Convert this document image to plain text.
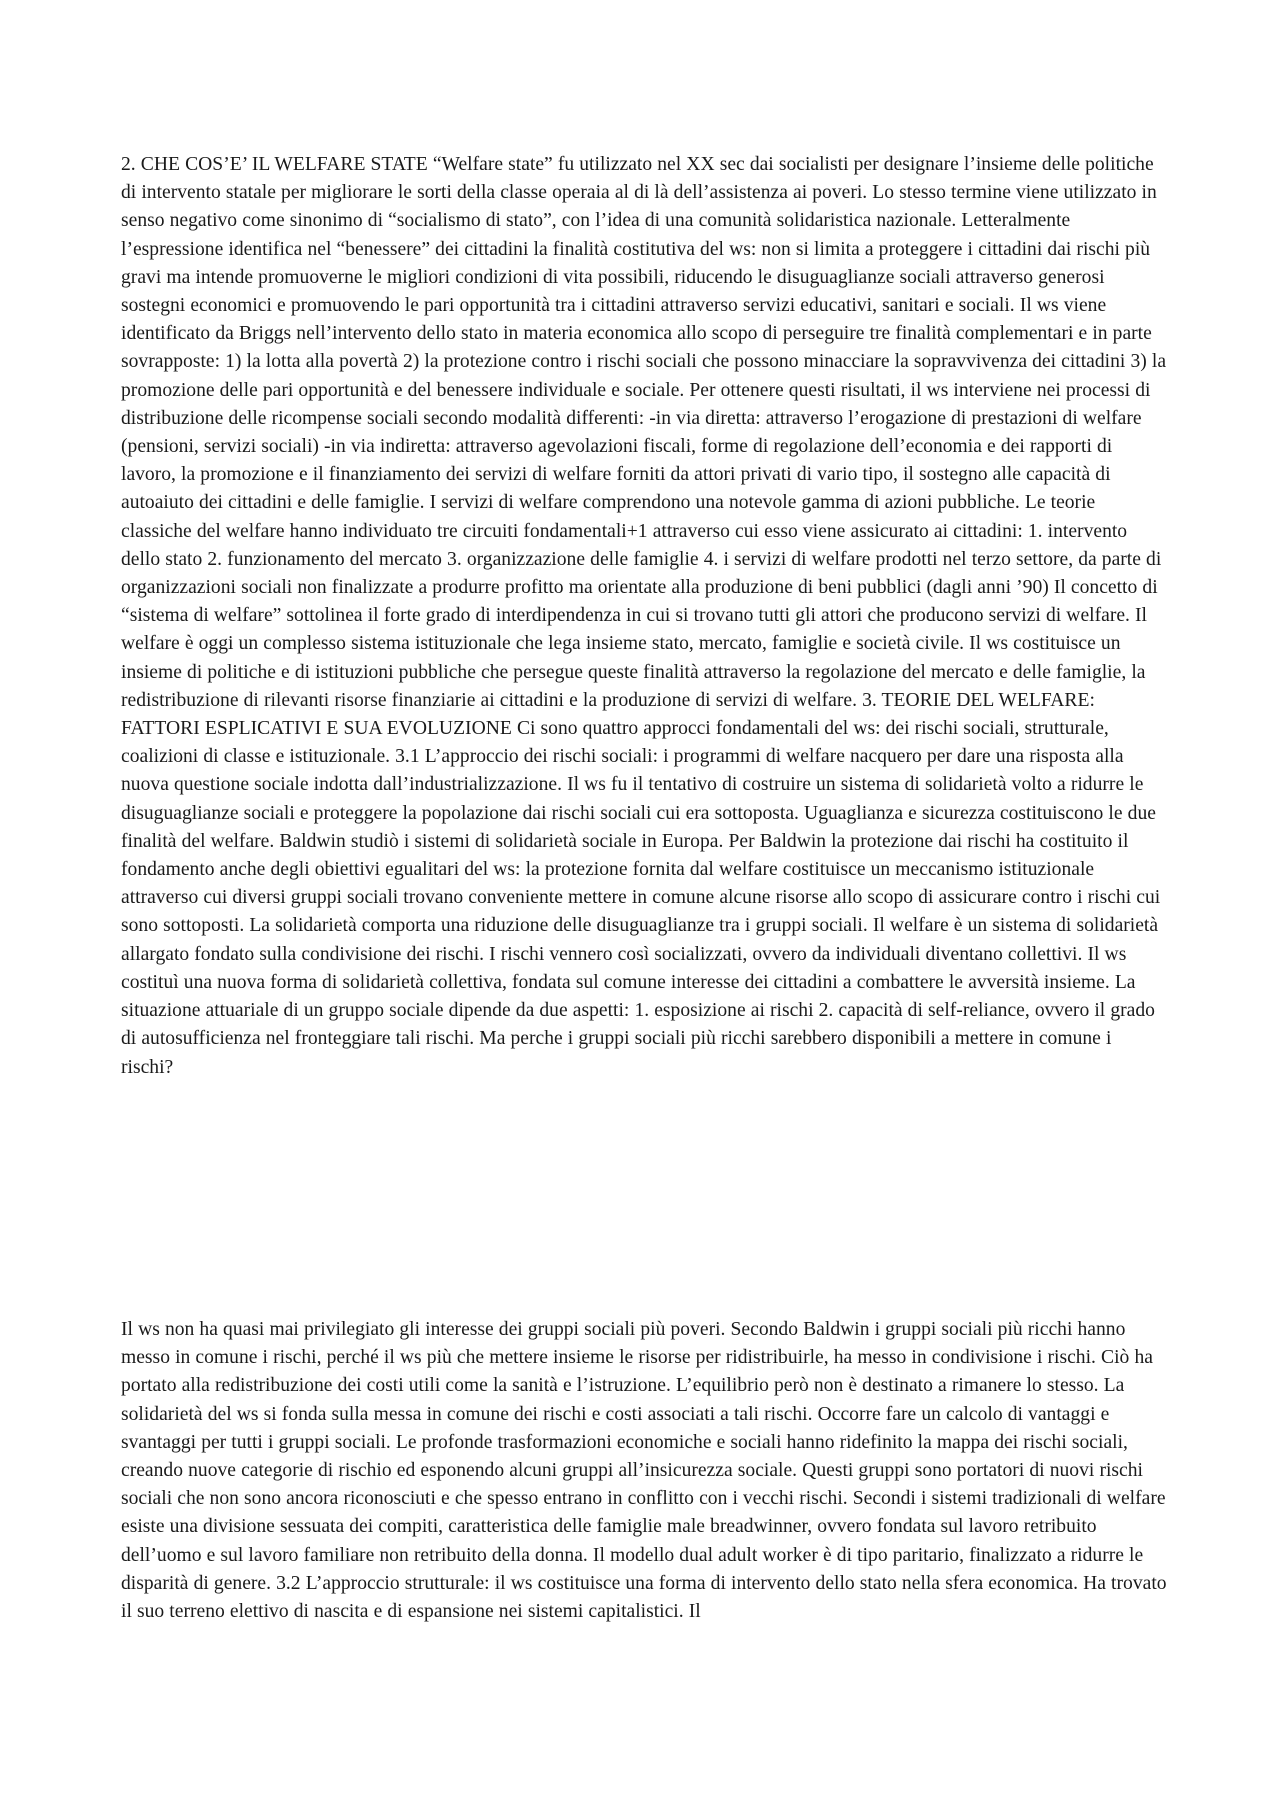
2. CHE COS’E’ IL WELFARE STATE “Welfare state” fu utilizzato nel XX sec dai socialisti per designare l’insieme delle politiche di intervento statale per migliorare le sorti della classe operaia al di là dell’assistenza ai poveri. Lo stesso termine viene utilizzato in senso negativo come sinonimo di “socialismo di stato”, con l’idea di una comunità solidaristica nazionale. Letteralmente l’espressione identifica nel “benessere” dei cittadini la finalità costitutiva del ws: non si limita a proteggere i cittadini dai rischi più gravi ma intende promuoverne le migliori condizioni di vita possibili, riducendo le disuguaglianze sociali attraverso generosi sostegni economici e promuovendo le pari opportunità tra i cittadini attraverso servizi educativi, sanitari e sociali. Il ws viene identificato da Briggs nell’intervento dello stato in materia economica allo scopo di perseguire tre finalità complementari e in parte sovrapposte: 1) la lotta alla povertà 2) la protezione contro i rischi sociali che possono minacciare la sopravvivenza dei cittadini 3) la promozione delle pari opportunità e del benessere individuale e sociale. Per ottenere questi risultati, il ws interviene nei processi di distribuzione delle ricompense sociali secondo modalità differenti: -in via diretta: attraverso l’erogazione di prestazioni di welfare (pensioni, servizi sociali) -in via indiretta: attraverso agevolazioni fiscali, forme di regolazione dell’economia e dei rapporti di lavoro, la promozione e il finanziamento dei servizi di welfare forniti da attori privati di vario tipo, il sostegno alle capacità di autoaiuto dei cittadini e delle famiglie. I servizi di welfare comprendono una notevole gamma di azioni pubbliche. Le teorie classiche del welfare hanno individuato tre circuiti fondamentali+1 attraverso cui esso viene assicurato ai cittadini: 1. intervento dello stato 2. funzionamento del mercato 3. organizzazione delle famiglie 4. i servizi di welfare prodotti nel terzo settore, da parte di organizzazioni sociali non finalizzate a produrre profitto ma orientate alla produzione di beni pubblici (dagli anni ’90) Il concetto di “sistema di welfare” sottolinea il forte grado di interdipendenza in cui si trovano tutti gli attori che producono servizi di welfare. Il welfare è oggi un complesso sistema istituzionale che lega insieme stato, mercato, famiglie e società civile. Il ws costituisce un insieme di politiche e di istituzioni pubbliche che persegue queste finalità attraverso la regolazione del mercato e delle famiglie, la redistribuzione di rilevanti risorse finanziarie ai cittadini e la produzione di servizi di welfare. 3. TEORIE DEL WELFARE: FATTORI ESPLICATIVI E SUA EVOLUZIONE Ci sono quattro approcci fondamentali del ws: dei rischi sociali, strutturale, coalizioni di classe e istituzionale. 3.1 L’approccio dei rischi sociali: i programmi di welfare nacquero per dare una risposta alla nuova questione sociale indotta dall’industrializzazione. Il ws fu il tentativo di costruire un sistema di solidarietà volto a ridurre le disuguaglianze sociali e proteggere la popolazione dai rischi sociali cui era sottoposta. Uguaglianza e sicurezza costituiscono le due finalità del welfare. Baldwin studiò i sistemi di solidarietà sociale in Europa. Per Baldwin la protezione dai rischi ha costituito il fondamento anche degli obiettivi egualitari del ws: la protezione fornita dal welfare costituisce un meccanismo istituzionale attraverso cui diversi gruppi sociali trovano conveniente mettere in comune alcune risorse allo scopo di assicurare contro i rischi cui sono sottoposti. La solidarietà comporta una riduzione delle disuguaglianze tra i gruppi sociali. Il welfare è un sistema di solidarietà allargato fondato sulla condivisione dei rischi. I rischi vennero così socializzati, ovvero da individuali diventano collettivi. Il ws costituì una nuova forma di solidarietà collettiva, fondata sul comune interesse dei cittadini a combattere le avversità insieme. La situazione attuariale di un gruppo sociale dipende da due aspetti: 1. esposizione ai rischi 2. capacità di self-reliance, ovvero il grado di autosufficienza nel fronteggiare tali rischi. Ma perche i gruppi sociali più ricchi sarebbero disponibili a mettere in comune i rischi?

Il ws non ha quasi mai privilegiato gli interesse dei gruppi sociali più poveri. Secondo Baldwin i gruppi sociali più ricchi hanno messo in comune i rischi, perché il ws più che mettere insieme le risorse per ridistribuirle, ha messo in condivisione i rischi. Ciò ha portato alla redistribuzione dei costi utili come la sanità e l’istruzione. L’equilibrio però non è destinato a rimanere lo stesso. La solidarietà del ws si fonda sulla messa in comune dei rischi e costi associati a tali rischi. Occorre fare un calcolo di vantaggi e svantaggi per tutti i gruppi sociali. Le profonde trasformazioni economiche e sociali hanno ridefinito la mappa dei rischi sociali, creando nuove categorie di rischio ed esponendo alcuni gruppi all’insicurezza sociale. Questi gruppi sono portatori di nuovi rischi sociali che non sono ancora riconosciuti e che spesso entrano in conflitto con i vecchi rischi. Secondi i sistemi tradizionali di welfare esiste una divisione sessuata dei compiti, caratteristica delle famiglie male breadwinner, ovvero fondata sul lavoro retribuito dell’uomo e sul lavoro familiare non retribuito della donna. Il modello dual adult worker è di tipo paritario, finalizzato a ridurre le disparità di genere. 3.2 L’approccio strutturale: il ws costituisce una forma di intervento dello stato nella sfera economica. Ha trovato il suo terreno elettivo di nascita e di espansione nei sistemi capitalistici. Il
